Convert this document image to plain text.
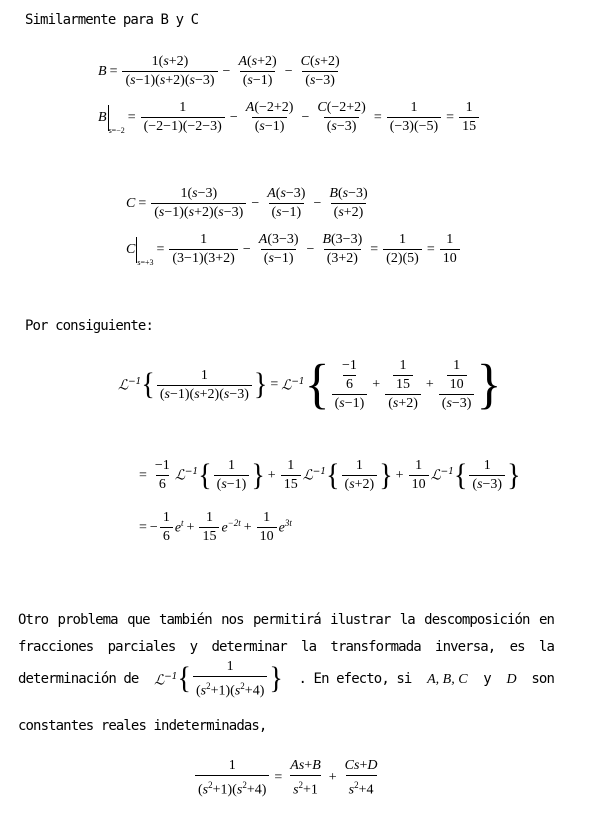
Similarmente para B y C
$B = \frac{1(s+2)}{(s-1)(s+2)(s-3)} - \frac{A(s+2)}{(s-1)} - \frac{C(s+2)}{(s-3)}$
B
$_{s=-2}$
= $\frac{1}{(-2-1)(-2-3)} - \frac{A(-2+2)}{(s-1)} - \frac{C(-2+2)}{(s-3)} = \frac{1}{(-3)(-5)} = \frac{1}{15}$
$C = \frac{1(s-3)}{(s-1)(s+2)(s-3)} - \frac{A(s-3)}{(s-1)} - \frac{B(s-3)}{(s+2)}$
C
$_{s=+3}$
= $\frac{1}{(3-1)(3+2)} - \frac{A(3-3)}{(s-1)} - \frac{B(3-3)}{(3+2)} = \frac{1}{(2)(5)} = \frac{1}{10}$
Por consiguiente:
ℒ$^{-1}$ { $\frac{1}{(s-1)(s+2)(s-3)}$ } = ℒ$^{-1}$ { $\frac{\frac{-1}{6}}{(s-1)} + \frac{\frac{1}{15}}{(s+2)} + \frac{\frac{1}{10}}{(s-3)}$ }
= $\frac{-1}{6}$ ℒ$^{-1}$ { $\frac{1}{(s-1)}$ } + $\frac{1}{15}$ ℒ$^{-1}$ { $\frac{1}{(s+2)}$ } + $\frac{1}{10}$ ℒ$^{-1}$ { $\frac{1}{(s-3)}$ }
= − $\frac{1}{6} e^t + \frac{1}{15} e^{-2t} + \frac{1}{10} e^{3t}$

Otro problema que también nos permitirá ilustrar la descomposición en

fracciones parciales y determinar la transformada inversa, es la

determinación de ℒ$^{-1}$ { $\frac{1}{(s^2+1)(s^2+4)}$ } . En efecto, si A, B, C y D son
constantes reales indeterminadas,
$\frac{1}{(s^2+1)(s^2+4)} = \frac{As+B}{s^2+1} + \frac{Cs+D}{s^2+4}$
